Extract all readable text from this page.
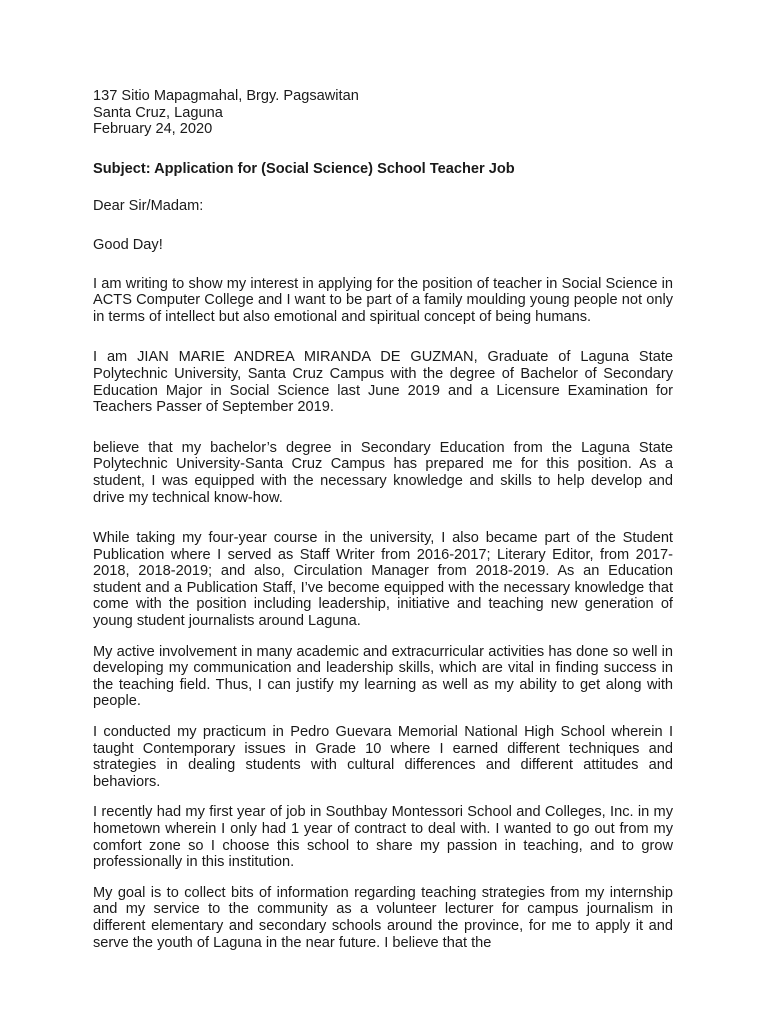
137 Sitio Mapagmahal, Brgy. Pagsawitan

Santa Cruz, Laguna

February 24, 2020

Subject: Application for (Social Science) School Teacher Job

Dear Sir/Madam:

Good Day!

I am writing to show my interest in applying for the position of teacher in Social Science in ACTS Computer College and I want to be part of a family moulding young people not only in terms of intellect but also emotional and spiritual concept of being humans.

I am JIAN MARIE ANDREA MIRANDA DE GUZMAN, Graduate of Laguna State Polytechnic University, Santa Cruz Campus with the degree of Bachelor of Secondary Education Major in Social Science last June 2019 and a Licensure Examination for Teachers Passer of September 2019.

believe that my bachelor’s degree in Secondary Education from the Laguna State Polytechnic University-Santa Cruz Campus has prepared me for this position. As a student, I was equipped with the necessary knowledge and skills to help develop and drive my technical know-how.

While taking my four-year course in the university, I also became part of the Student Publication where I served as Staff Writer from 2016-2017; Literary Editor, from 2017-2018, 2018-2019; and also, Circulation Manager from 2018-2019. As an Education student and a Publication Staff, I’ve become equipped with the necessary knowledge that come with the position including leadership, initiative and teaching new generation of young student journalists around Laguna.

My active involvement in many academic and extracurricular activities has done so well in developing my communication and leadership skills, which are vital in finding success in the teaching field. Thus, I can justify my learning as well as my ability to get along with people.

I conducted my practicum in Pedro Guevara Memorial National High School wherein I taught Contemporary issues in Grade 10 where I earned different techniques and strategies in dealing students with cultural differences and different attitudes and behaviors.

I recently had my first year of job in Southbay Montessori School and Colleges, Inc. in my hometown wherein I only had 1 year of contract to deal with. I wanted to go out from my comfort zone so I choose this school to share my passion in teaching, and to grow professionally in this institution.

My goal is to collect bits of information regarding teaching strategies from my internship and my service to the community as a volunteer lecturer for campus journalism in different elementary and secondary schools around the province, for me to apply it and serve the youth of Laguna in the near future. I believe that the
